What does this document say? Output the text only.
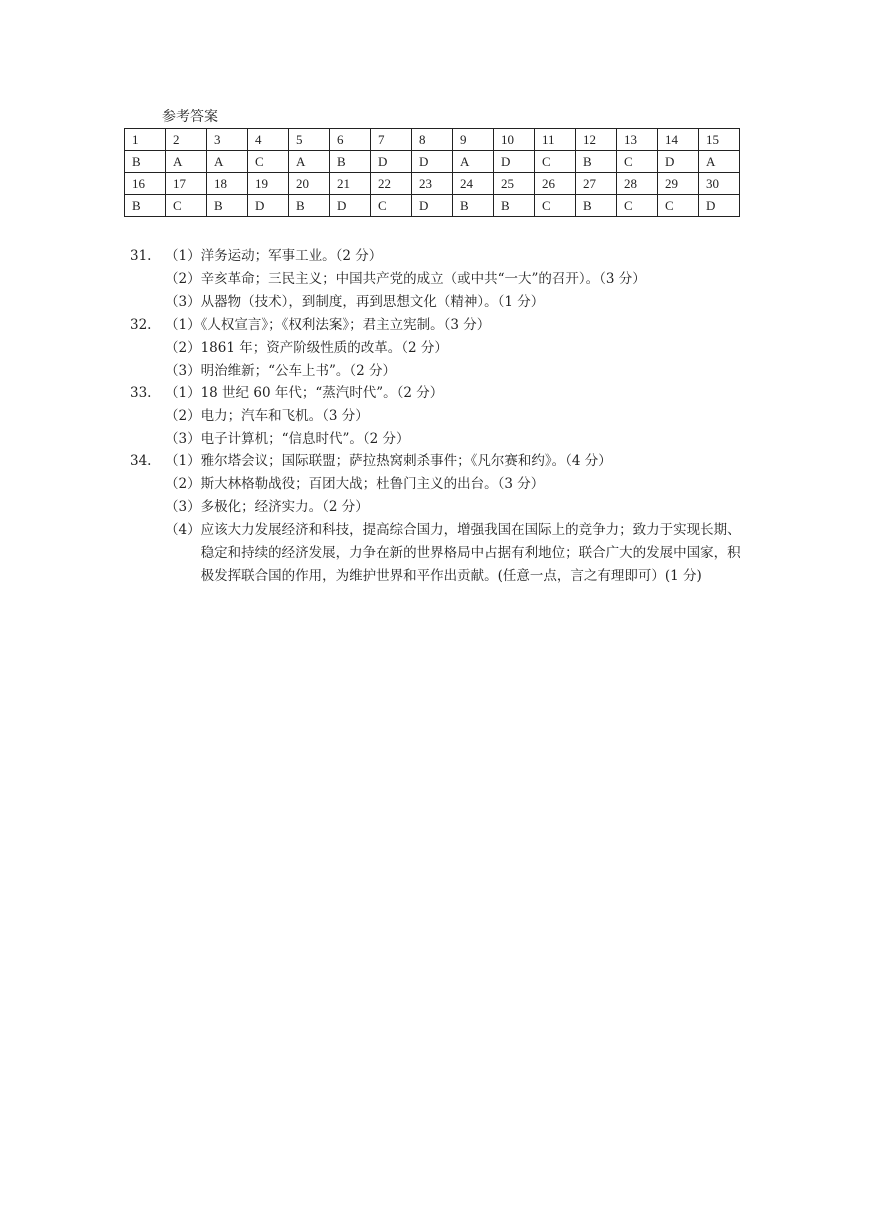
参考答案
1	2	3	4	5	6	7	8	9	10	11	12	13	14	15
B	A	A	C	A	B	D	D	A	D	C	B	C	D	A
16	17	18	19	20	21	22	23	24	25	26	27	28	29	30
B	C	B	D	B	D	C	D	B	B	C	B	C	C	D
31.	（1）洋务运动；军事工业。（2 分）
（2）辛亥革命；三民主义；中国共产党的成立（或中共“一大”的召开）。（3 分）
（3）从器物（技术），到制度，再到思想文化（精神）。（1 分）
32.	（1）《人权宣言》；《权利法案》；君主立宪制。（3 分）
（2）1861 年；资产阶级性质的改革。（2 分）
（3）明治维新；“公车上书”。（2 分）
33.	（1）18 世纪 60 年代；“蒸汽时代”。（2 分）
（2）电力；汽车和飞机。（3 分）
（3）电子计算机；“信息时代”。（2 分）
34.	（1）雅尔塔会议；国际联盟；萨拉热窝刺杀事件；《凡尔赛和约》。（4 分）
（2）斯大林格勒战役；百团大战；杜鲁门主义的出台。（3 分）
（3）多极化；经济实力。（2 分）
（4） 应该大力发展经济和科技，提高综合国力，增强我国在国际上的竞争力；致力于实现长期、稳定和持续的经济发展，力争在新的世界格局中占据有利地位；联合广大的发展中国家，积极发挥联合国的作用，为维护世界和平作出贡献。(任意一点，言之有理即可）(1 分)
